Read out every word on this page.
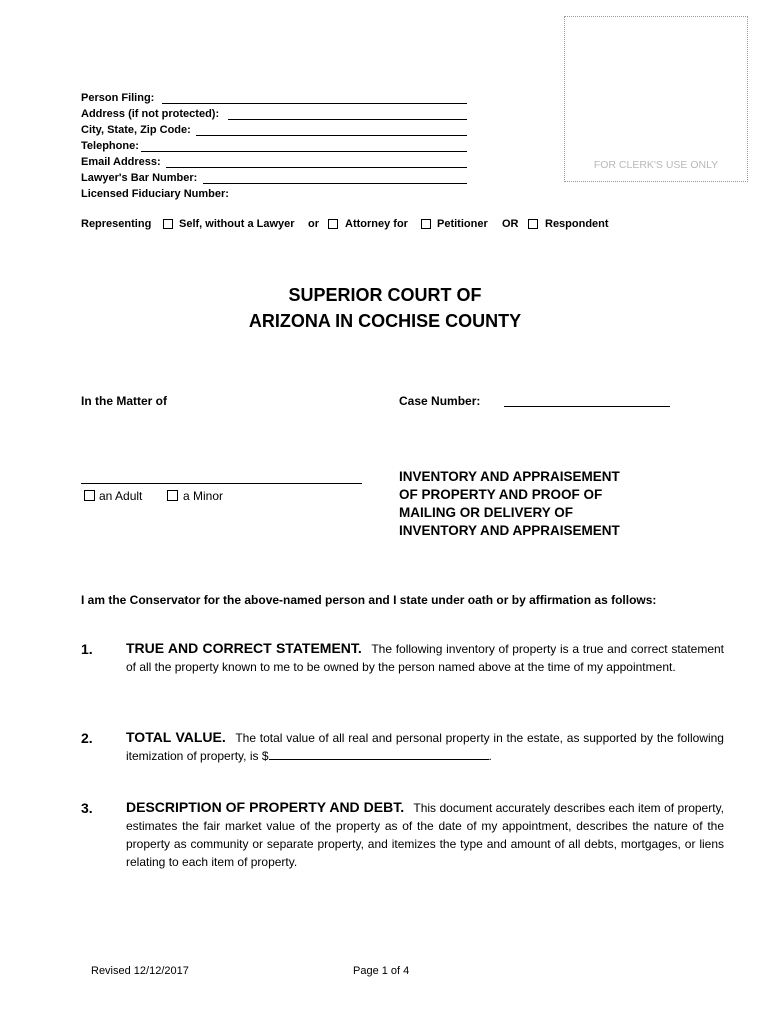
FOR CLERK'S USE ONLY
Person Filing:
Address (if not protected):
City, State, Zip Code:
Telephone:
Email Address:
Lawyer's Bar Number:
Licensed Fiduciary Number:
Representing	Self, without a Lawyer or Attorney for	Petitioner OR Respondent
SUPERIOR COURT OF
ARIZONA IN COCHISE COUNTY
In the Matter of	Case Number:
an Adult	a Minor
INVENTORY AND APPRAISEMENT
OF PROPERTY AND PROOF OF
MAILING OR DELIVERY OF
INVENTORY AND APPRAISEMENT
I am the Conservator for the above-named person and I state under oath or by affirmation as follows:
1. TRUE AND CORRECT STATEMENT. The following inventory of property is a true and correct statement of all the property known to me to be owned by the person named above at the time of my appointment.
2. TOTAL VALUE. The total value of all real and personal property in the estate, as supported by the following itemization of property, is $	.
3. DESCRIPTION OF PROPERTY AND DEBT. This document accurately describes each item of property, estimates the fair market value of the property as of the date of my appointment, describes the nature of the property as community or separate property, and itemizes the type and amount of all debts, mortgages, or liens relating to each item of property.
Revised 12/12/2017	Page 1 of 4
